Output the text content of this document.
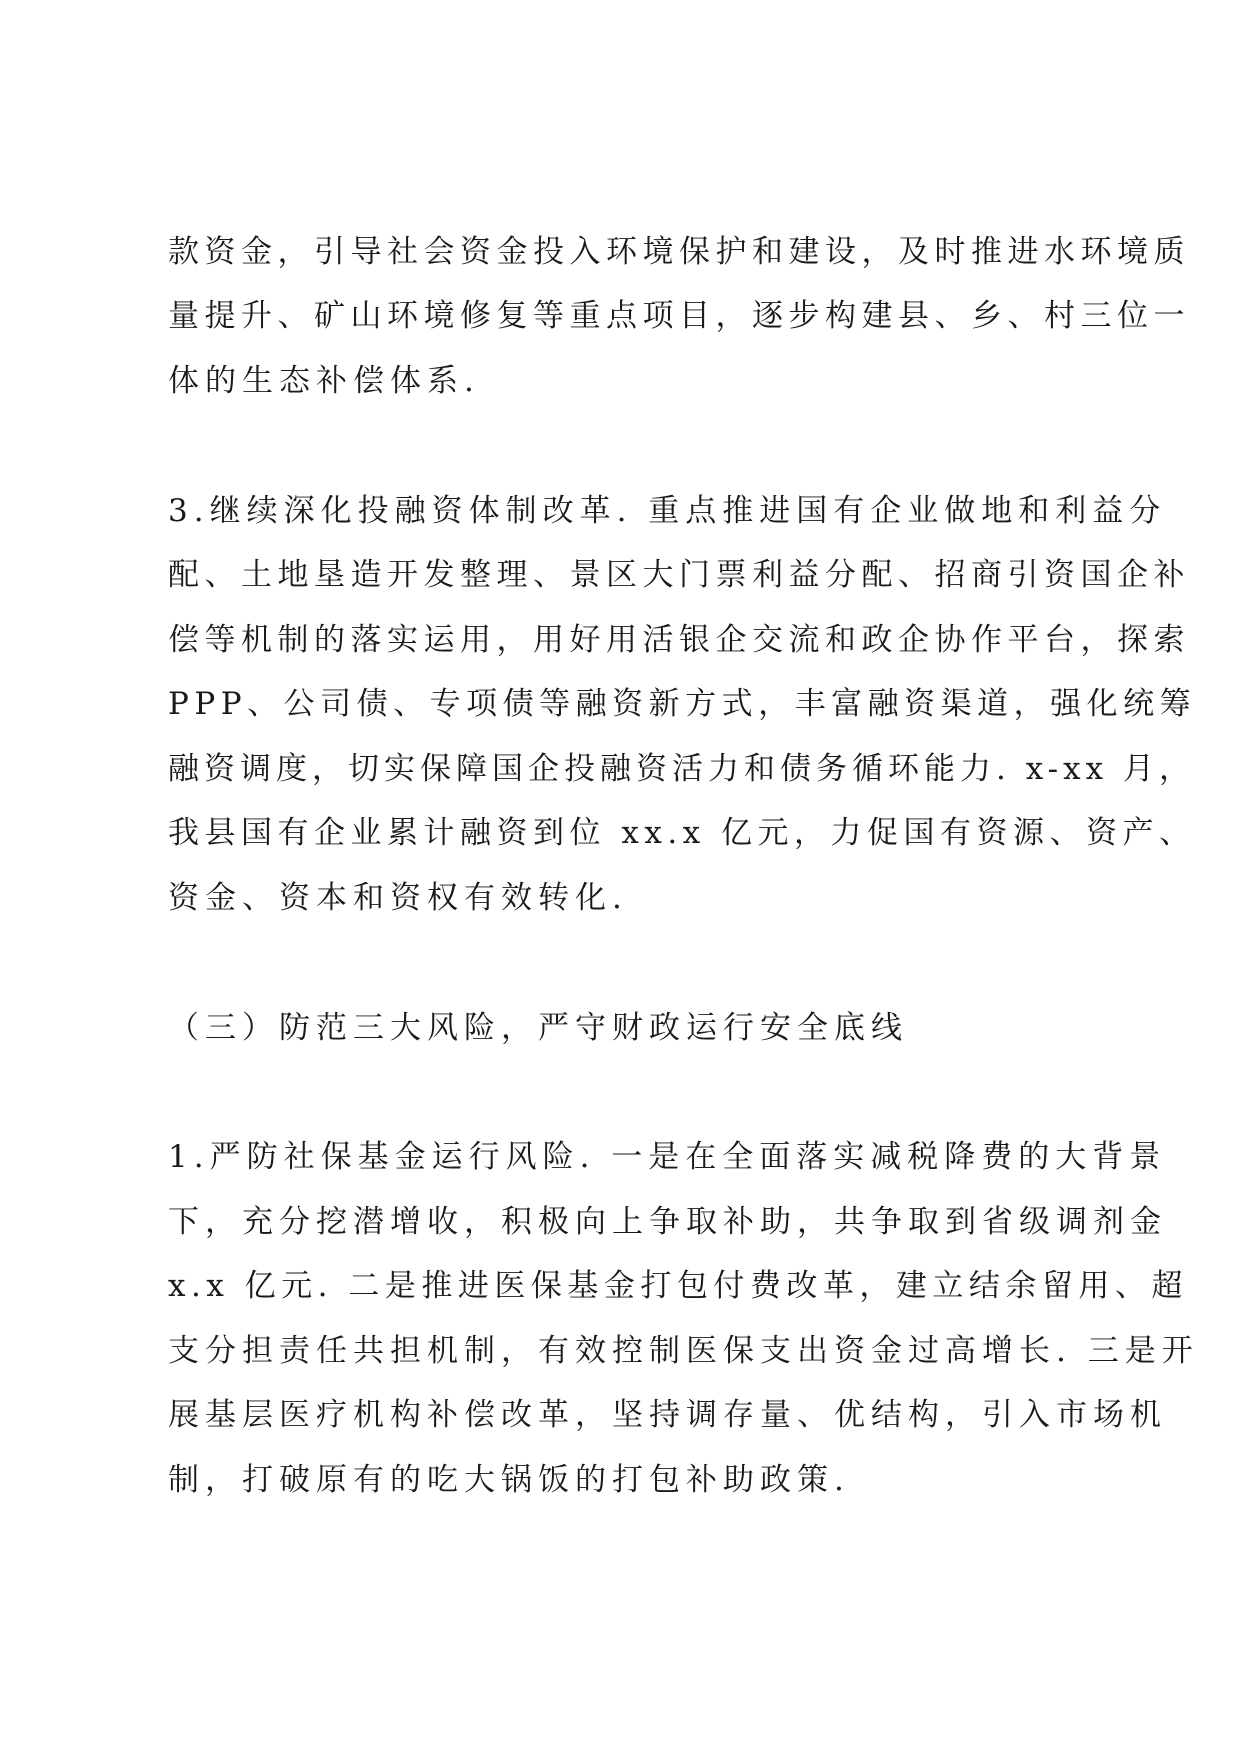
款资金，引导社会资金投入环境保护和建设，及时推进水环境质
量提升、矿山环境修复等重点项目，逐步构建县、乡、村三位一
体的生态补偿体系.
3.继续深化投融资体制改革. 重点推进国有企业做地和利益分
配、土地垦造开发整理、景区大门票利益分配、招商引资国企补
偿等机制的落实运用，用好用活银企交流和政企协作平台，探索
PPP、公司债、专项债等融资新方式，丰富融资渠道，强化统筹
融资调度，切实保障国企投融资活力和债务循环能力. x-xx 月，
我县国有企业累计融资到位 xx.x 亿元，力促国有资源、资产、
资金、资本和资权有效转化.
（三）防范三大风险，严守财政运行安全底线
1.严防社保基金运行风险. 一是在全面落实减税降费的大背景
下，充分挖潜增收，积极向上争取补助，共争取到省级调剂金
x.x 亿元. 二是推进医保基金打包付费改革，建立结余留用、超
支分担责任共担机制，有效控制医保支出资金过高增长. 三是开
展基层医疗机构补偿改革，坚持调存量、优结构，引入市场机
制，打破原有的吃大锅饭的打包补助政策.
